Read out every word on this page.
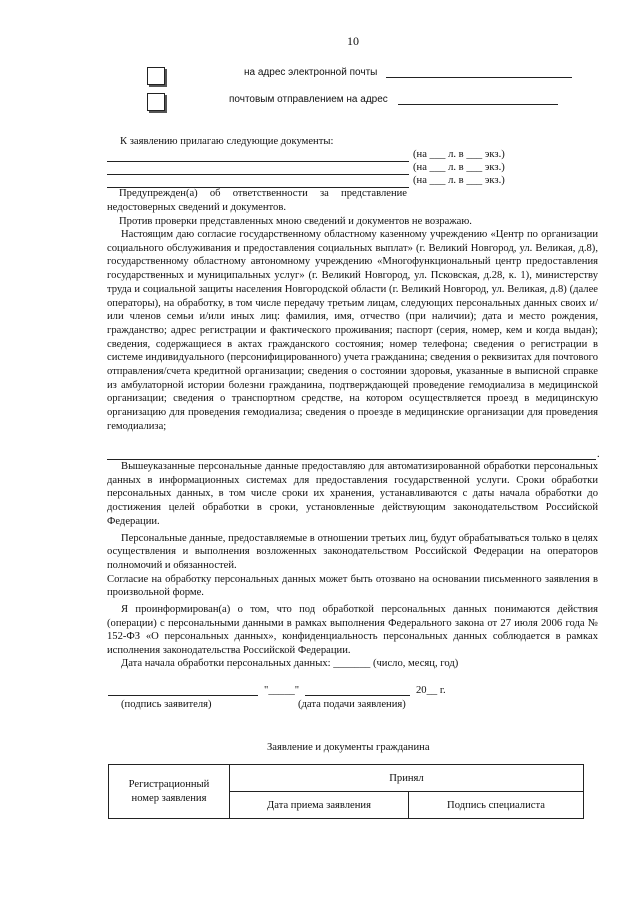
10
на адрес электронной почты
почтовым отправлением на адрес
К заявлению прилагаю следующие документы:
(на ___ л. в ___ экз.)
(на ___ л. в ___ экз.)
(на ___ л. в ___ экз.)

Предупрежден(а) об ответственности за представление недостоверных сведений и документов.

Против проверки представленных мною сведений и документов не возражаю.

Настоящим даю согласие государственному областному казенному учреждению «Центр по организации социального обслуживания и предоставления социальных выплат» (г. Великий Новгород, ул. Великая, д.8), государственному областному автономному учреждению «Многофункциональный центр предоставления государственных и муниципальных услуг» (г. Великий Новгород, ул. Псковская, д.28, к. 1), министерству труда и социальной защиты населения Новгородской области (г. Великий Новгород, ул. Великая, д.8) (далее операторы), на обработку, в том числе передачу третьим лицам, следующих персональных данных своих и/или членов семьи и/или иных лиц: фамилия, имя, отчество (при наличии); дата и место рождения, гражданство; адрес регистрации и фактического проживания; паспорт (серия, номер, кем и когда выдан); сведения, содержащиеся в актах гражданского состояния; номер телефона; сведения о регистрации в системе индивидуального (персонифицированного) учета гражданина; сведения о реквизитах для почтового отправления/счета кредитной организации; сведения о состоянии здоровья, указанные в выписной справке из амбулаторной истории болезни гражданина, подтверждающей проведение гемодиализа в медицинской организации; сведения о транспортном средстве, на котором осуществляется проезд в медицинскую организацию для проведения гемодиализа; сведения о проезде в медицинские организации для проведения гемодиализа;

.

Вышеуказанные персональные данные предоставляю для автоматизированной обработки персональных данных в информационных системах для предоставления государственной услуги. Сроки обработки персональных данных, в том числе сроки их хранения, устанавливаются с даты начала обработки до достижения целей обработки в сроки, установленные действующим законодательством Российской Федерации.

Персональные данные, предоставляемые в отношении третьих лиц, будут обрабатываться только в целях осуществления и выполнения возложенных законодательством Российской Федерации на операторов полномочий и обязанностей.

Согласие на обработку персональных данных может быть отозвано на основании письменного заявления в произвольной форме.

Я проинформирован(а) о том, что под обработкой персональных данных понимаются действия (операции) с персональными данными в рамках выполнения Федерального закона от 27 июля 2006 года № 152-ФЗ «О персональных данных», конфиденциальность персональных данных соблюдается в рамках исполнения законодательства Российской Федерации.

Дата начала обработки персональных данных: _______ (число, месяц, год)
"_____"	20__ г.
(подпись заявителя)	(дата подачи заявления)
Заявление и документы гражданина
Регистрационный номер заявления	Принял	
	Дата приема заявления	Подпись специалиста
